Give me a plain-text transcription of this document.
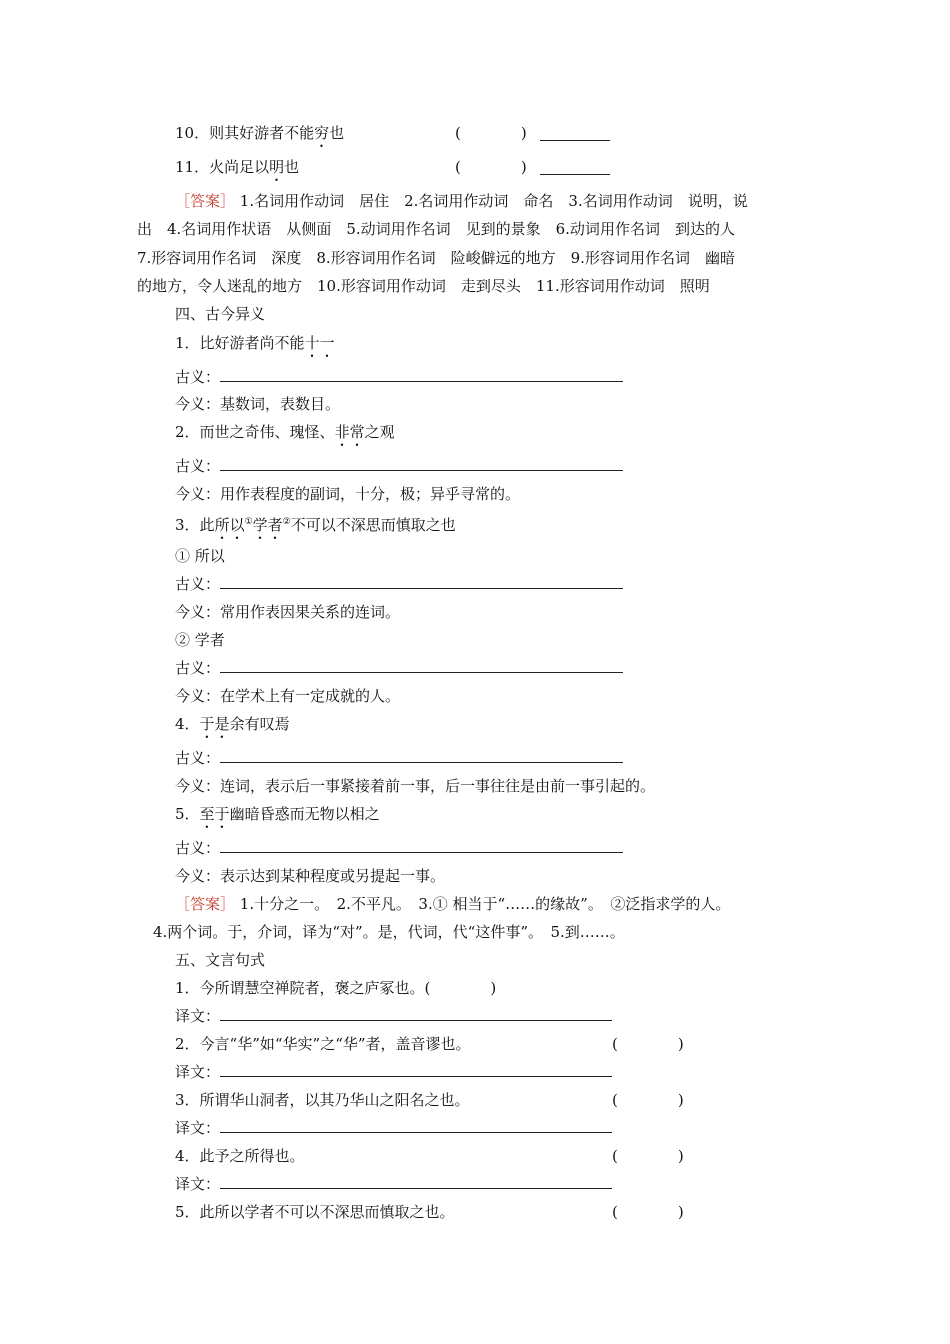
10．则其好游者不能穷也	(　　　　)
11．火尚足以明也	(　　　　)
［答案］ 1.名词用作动词　居住　2.名词用作动词　命名　3.名词用作动词　说明，说
出　4.名词用作状语　从侧面　5.动词用作名词　见到的景象　6.动词用作名词　到达的人
7.形容词用作名词　深度　8.形容词用作名词　险峻僻远的地方　9.形容词用作名词　幽暗
的地方，令人迷乱的地方　10.形容词用作动词　走到尽头　11.形容词用作动词　照明
四、古今异义
1．比好游者尚不能十一
古义：
今义：基数词，表数目。
2．而世之奇伟、瑰怪、非常之观
古义：
今义：用作表程度的副词，十分，极；异乎寻常的。
3．此所以①学者②不可以不深思而慎取之也
① 所以
古义：
今义：常用作表因果关系的连词。
② 学者
古义：
今义：在学术上有一定成就的人。
4．于是余有叹焉
古义：
今义：连词，表示后一事紧接着前一事，后一事往往是由前一事引起的。
5．至于幽暗昏惑而无物以相之
古义：
今义：表示达到某种程度或另提起一事。
［答案］ 1.十分之一。　2.不平凡。　3.① 相当于“……的缘故”。　②泛指求学的人。
4.两个词。于，介词，译为“对”。是，代词，代“这件事”。　5.到……。
五、文言句式
1．今所谓慧空禅院者，褒之庐冢也。(　　　　)
译文：
2．今言“华”如“华实”之“华”者，盖音谬也。	(　　　　)
译文：
3．所谓华山洞者，以其乃华山之阳名之也。	(　　　　)
译文：
4．此予之所得也。	(　　　　)
译文：
5．此所以学者不可以不深思而慎取之也。	(　　　　)
